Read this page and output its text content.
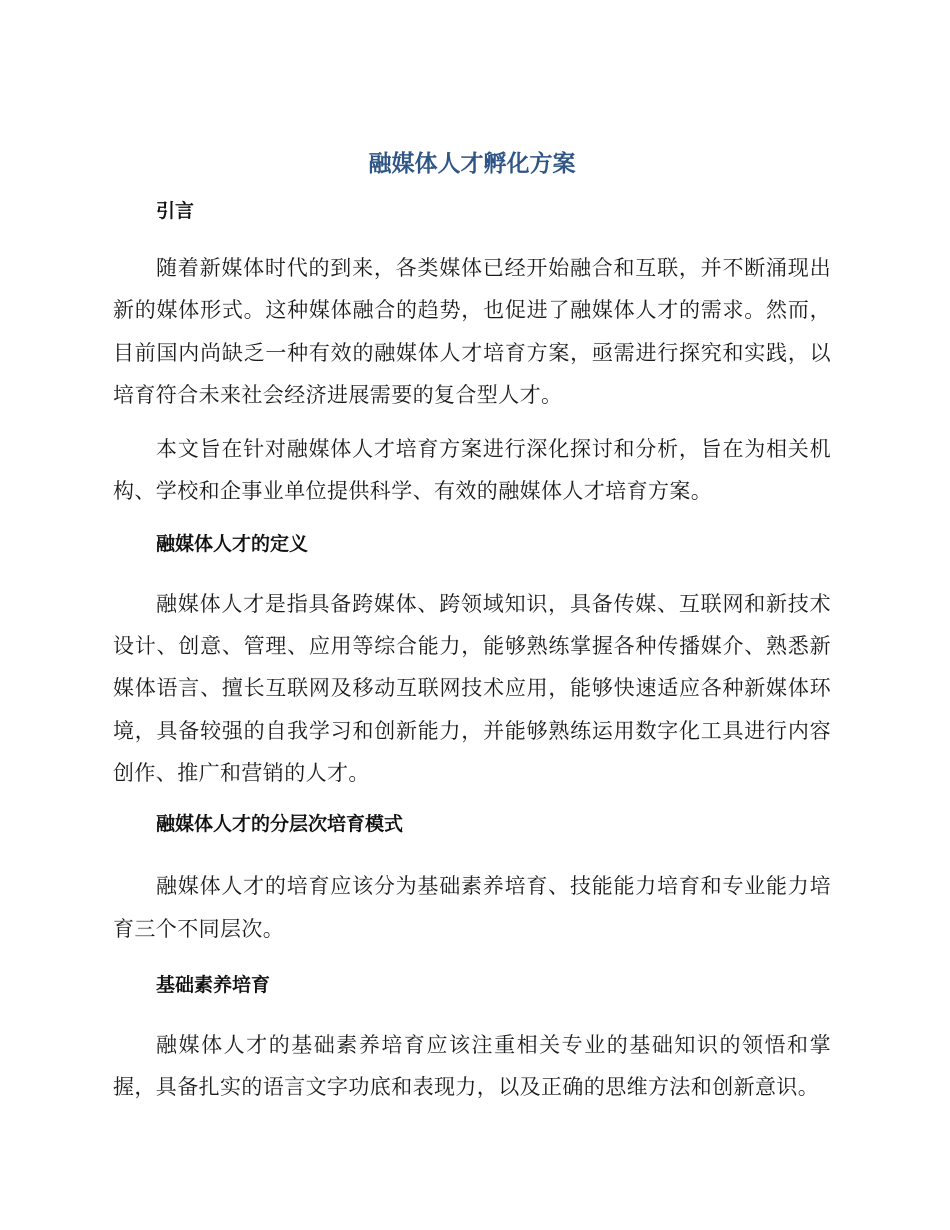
融媒体人才孵化方案
引言

随着新媒体时代的到来，各类媒体已经开始融合和互联，并不断涌现出新的媒体形式。这种媒体融合的趋势，也促进了融媒体人才的需求。然而，目前国内尚缺乏一种有效的融媒体人才培育方案，亟需进行探究和实践，以培育符合未来社会经济进展需要的复合型人才。

本文旨在针对融媒体人才培育方案进行深化探讨和分析，旨在为相关机构、学校和企事业单位提供科学、有效的融媒体人才培育方案。

融媒体人才的定义

融媒体人才是指具备跨媒体、跨领域知识，具备传媒、互联网和新技术设计、创意、管理、应用等综合能力，能够熟练掌握各种传播媒介、熟悉新媒体语言、擅长互联网及移动互联网技术应用，能够快速适应各种新媒体环境，具备较强的自我学习和创新能力，并能够熟练运用数字化工具进行内容创作、推广和营销的人才。

融媒体人才的分层次培育模式

融媒体人才的培育应该分为基础素养培育、技能能力培育和专业能力培育三个不同层次。

基础素养培育

融媒体人才的基础素养培育应该注重相关专业的基础知识的领悟和掌握，具备扎实的语言文字功底和表现力，以及正确的思维方法和创新意识。
